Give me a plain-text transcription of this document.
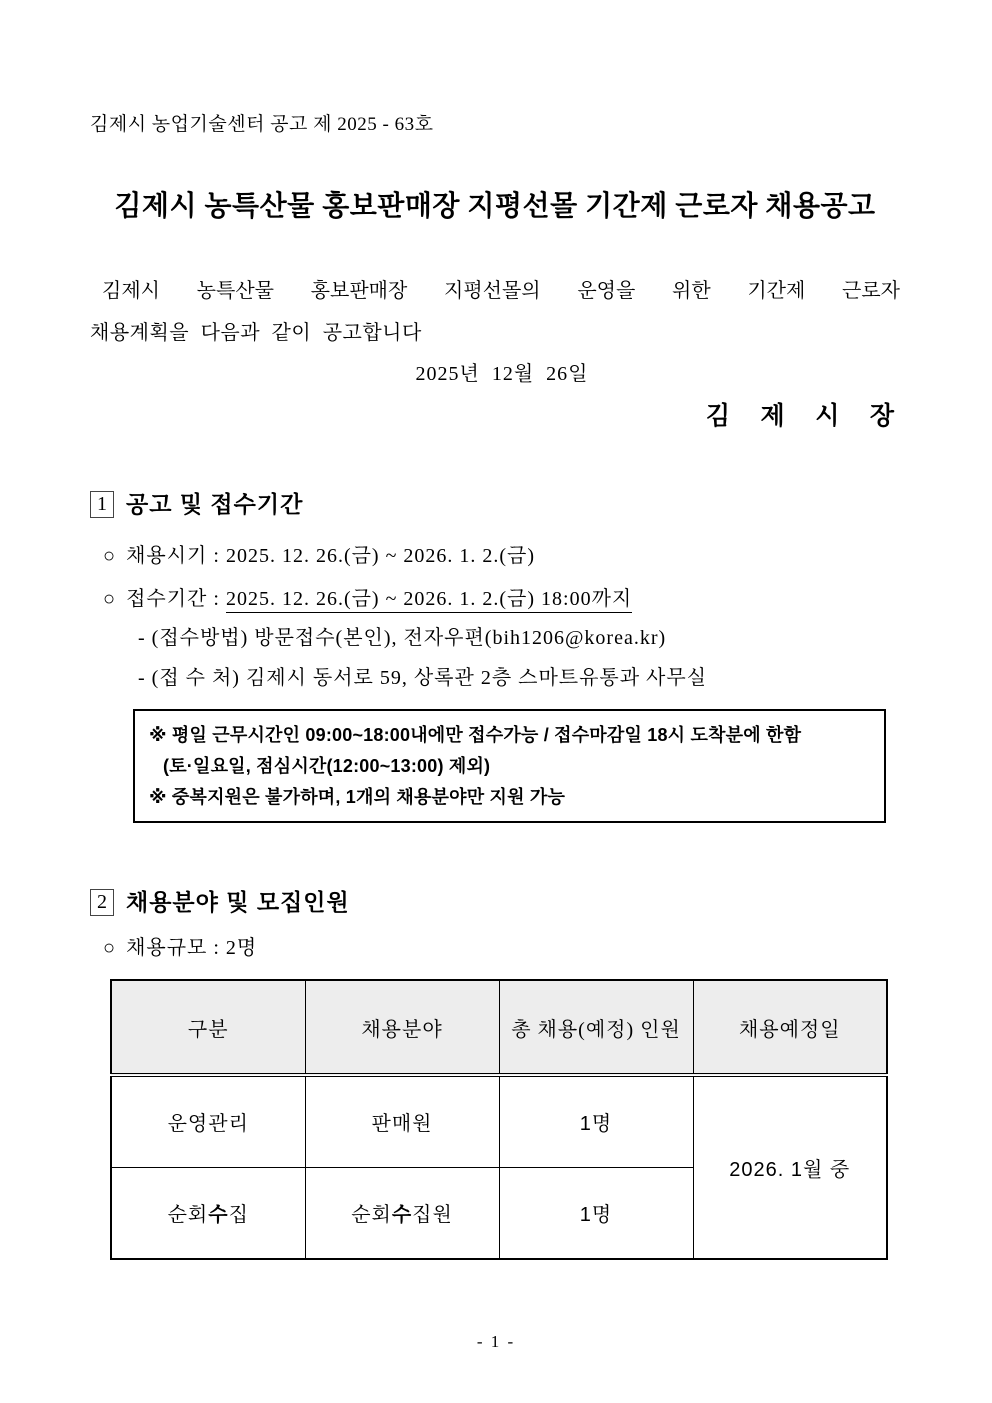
김제시 농업기술센터 공고 제 2025 - 63호
김제시 농특산물 홍보판매장 지평선몰 기간제 근로자 채용공고
김제시 농특산물 홍보판매장 지평선몰의 운영을 위한 기간제 근로자
채용계획을 다음과 같이 공고합니다
2025년  12월  26일
김  제  시  장
1 공고 및 접수기간
○ 채용시기 : 2025. 12. 26.(금) ~ 2026. 1. 2.(금)
○ 접수기간 : 2025. 12. 26.(금) ~ 2026. 1. 2.(금) 18:00까지
- (접수방법) 방문접수(본인), 전자우편(bih1206@korea.kr)
- (접 수 처) 김제시 동서로 59, 상록관 2층 스마트유통과 사무실
※ 평일 근무시간인 09:00~18:00내에만 접수가능 / 접수마감일 18시 도착분에 한함
(토·일요일, 점심시간(12:00~13:00) 제외)
※ 중복지원은 불가하며, 1개의 채용분야만 지원 가능
2 채용분야 및 모집인원
○ 채용규모 : 2명
구분	채용분야	총 채용(예정) 인원	채용예정일
운영관리	판매원	1명	2026. 1월 중
순회수집	순회수집원	1명	
- 1 -
